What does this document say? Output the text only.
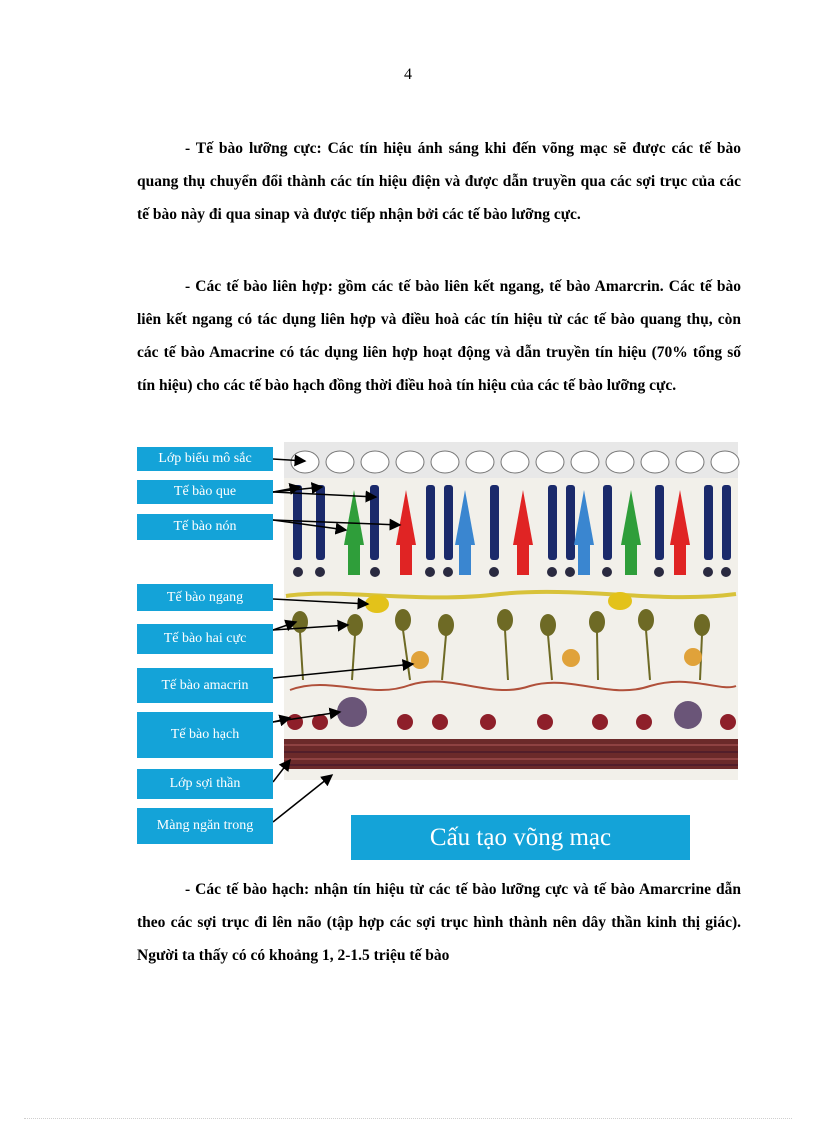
4
- Tế bào lưỡng cực: Các tín hiệu ánh sáng khi đến võng mạc sẽ được các tế bào quang thụ chuyển đổi thành các tín hiệu điện và được dẫn truyền qua các sợi trục của các tế bào này đi qua sinap và được tiếp nhận bởi các tế bào lưỡng cực.
- Các tế bào liên hợp: gồm các tế bào liên kết ngang, tế bào Amarcrin. Các tế bào liên kết ngang có tác dụng liên hợp và điều hoà các tín hiệu từ các tế bào quang thụ, còn các tế bào Amacrine có tác dụng liên hợp hoạt động và dẫn truyền tín hiệu (70% tổng số tín hiệu) cho các tế bào hạch đồng thời điều hoà tín hiệu của các tế bào lưỡng cực.
Lớp biểu mô sắc
Tế bào que
Tế bào nón
Tế bào ngang
Tế bào hai cực
Tế bào amacrin
Tế bào hạch
Lớp sợi thần
Màng ngăn trong	Cấu tạo võng mạc
- Các tế bào hạch: nhận tín hiệu từ các tế bào lưỡng cực và tế bào Amarcrine dẫn theo các sợi trục đi lên não (tập hợp các sợi trục hình thành nên dây thần kinh thị giác). Người ta thấy có có khoảng 1, 2-1.5 triệu tế bào
